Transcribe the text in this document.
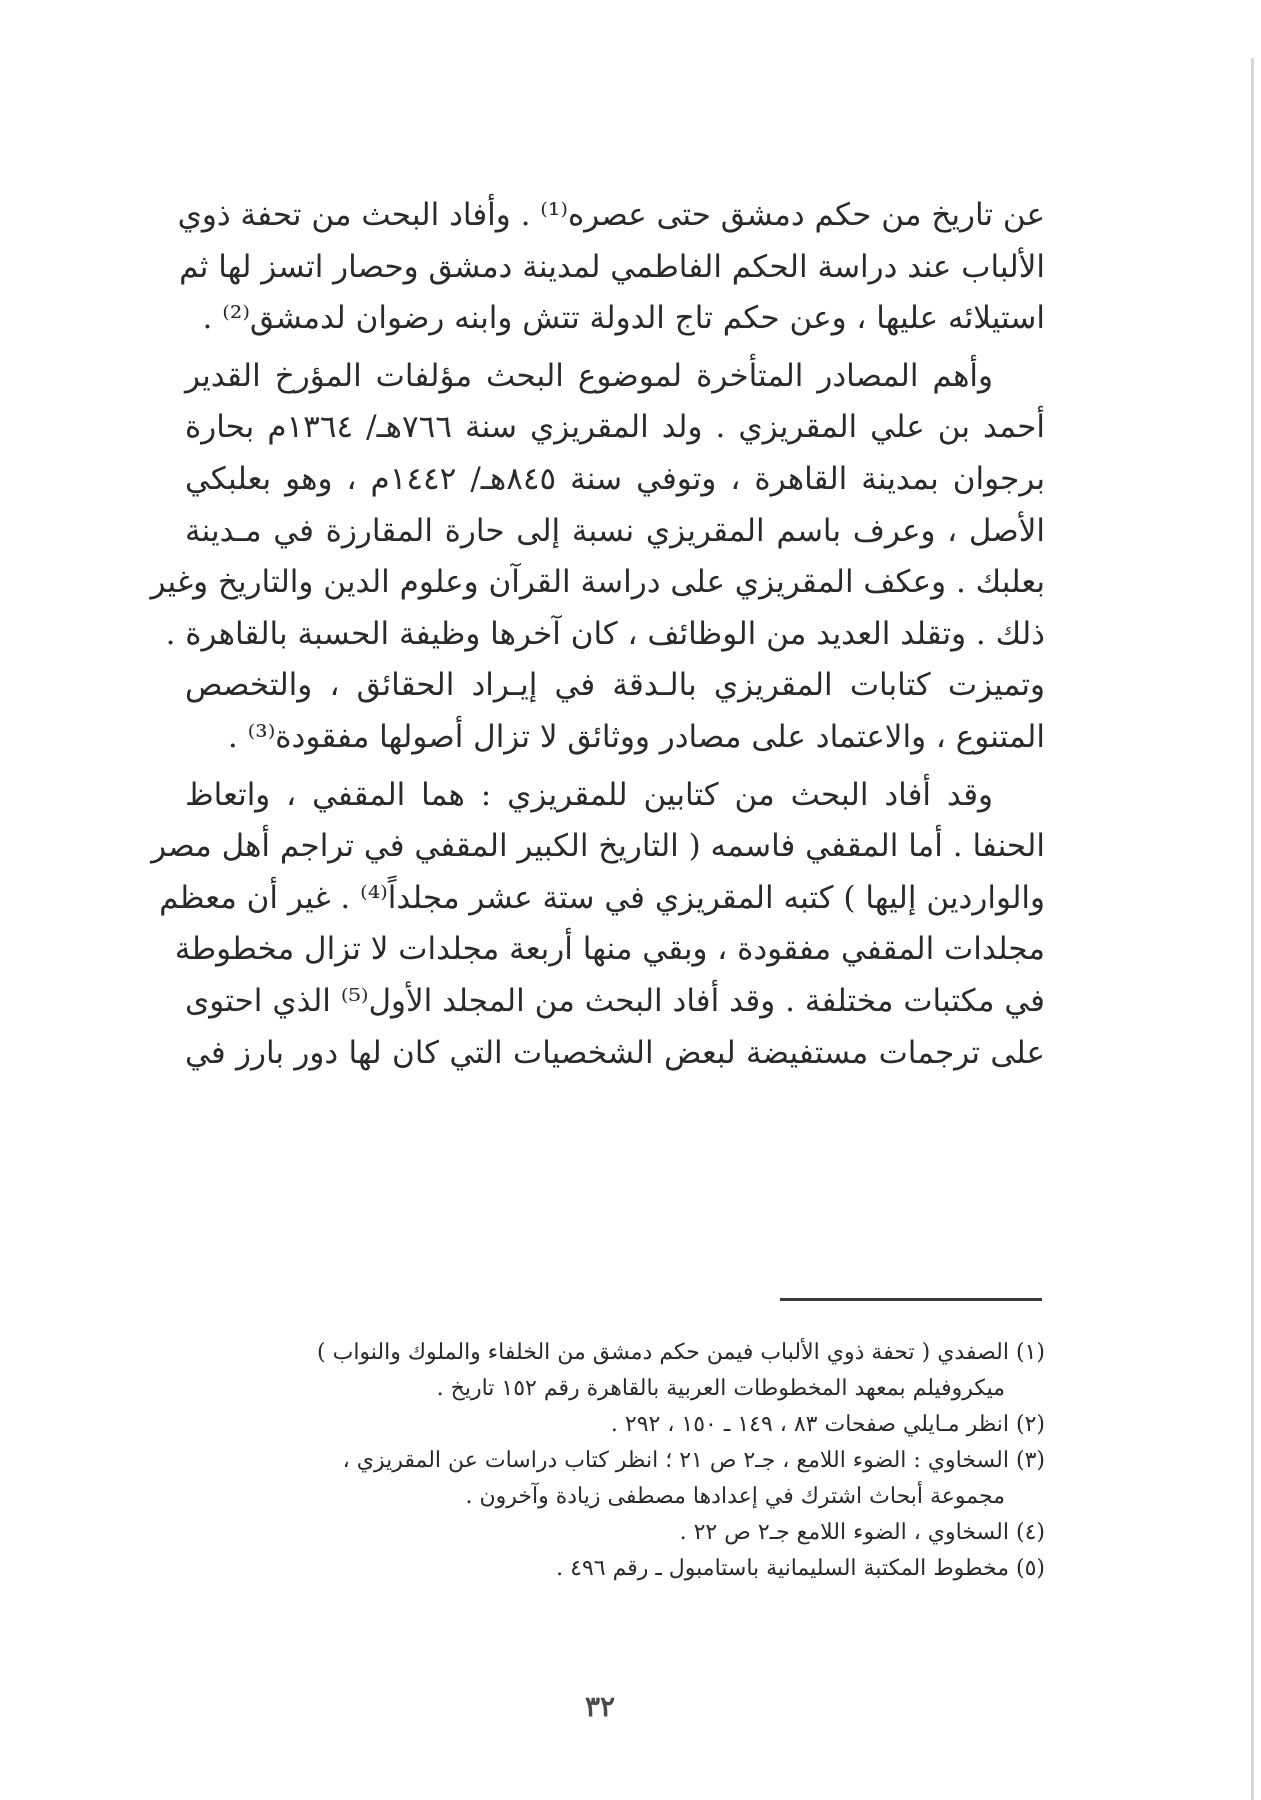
عن تاريخ من حكم دمشق حتى عصره⁽¹⁾ . وأفاد البحث من تحفة ذوي
الألباب عند دراسة الحكم الفاطمي لمدينة دمشق وحصار اتسز لها ثم
استيلائه عليها ، وعن حكم تاج الدولة تتش وابنه رضوان لدمشق⁽²⁾ .
وأهم المصادر المتأخرة لموضوع البحث مؤلفات المؤرخ القدير
أحمد بن علي المقريزي . ولد المقريزي سنة ٧٦٦هـ/ ١٣٦٤م بحارة
برجوان بمدينة القاهرة ، وتوفي سنة ٨٤٥هـ/ ١٤٤٢م ، وهو بعلبكي
الأصل ، وعرف باسم المقريزي نسبة إلى حارة المقارزة في مـدينة
بعلبك . وعكف المقريزي على دراسة القرآن وعلوم الدين والتاريخ وغير
ذلك . وتقلد العديد من الوظائف ، كان آخرها وظيفة الحسبة بالقاهرة .
وتميزت كتابات المقريزي بالـدقة في إيـراد الحقائق ، والتخصص
المتنوع ، والاعتماد على مصادر ووثائق لا تزال أصولها مفقودة⁽³⁾ .
وقد أفاد البحث من كتابين للمقريزي : هما المقفي ، واتعاظ
الحنفا . أما المقفي فاسمه ( التاريخ الكبير المقفي في تراجم أهل مصر
والواردين إليها ) كتبه المقريزي في ستة عشر مجلداً⁽⁴⁾ . غير أن معظم
مجلدات المقفي مفقودة ، وبقي منها أربعة مجلدات لا تزال مخطوطة
في مكتبات مختلفة . وقد أفاد البحث من المجلد الأول⁽⁵⁾ الذي احتوى
على ترجمات مستفيضة لبعض الشخصيات التي كان لها دور بارز في
(١) الصفدي ( تحفة ذوي الألباب فيمن حكم دمشق من الخلفاء والملوك والنواب )
ميكروفيلم بمعهد المخطوطات العربية بالقاهرة رقم ١٥٢ تاريخ .
(٢) انظر مـايلي صفحات ٨٣ ، ١٤٩ ـ ١٥٠ ، ٢٩٢ .
(٣) السخاوي : الضوء اللامع ، جـ٢ ص ٢١ ؛ انظر كتاب دراسات عن المقريزي ،
مجموعة أبحاث اشترك في إعدادها مصطفى زيادة وآخرون .
(٤) السخاوي ، الضوء اللامع جـ٢ ص ٢٢ .
(٥) مخطوط المكتبة السليمانية باستامبول ـ رقم ٤٩٦ .
٣٢
